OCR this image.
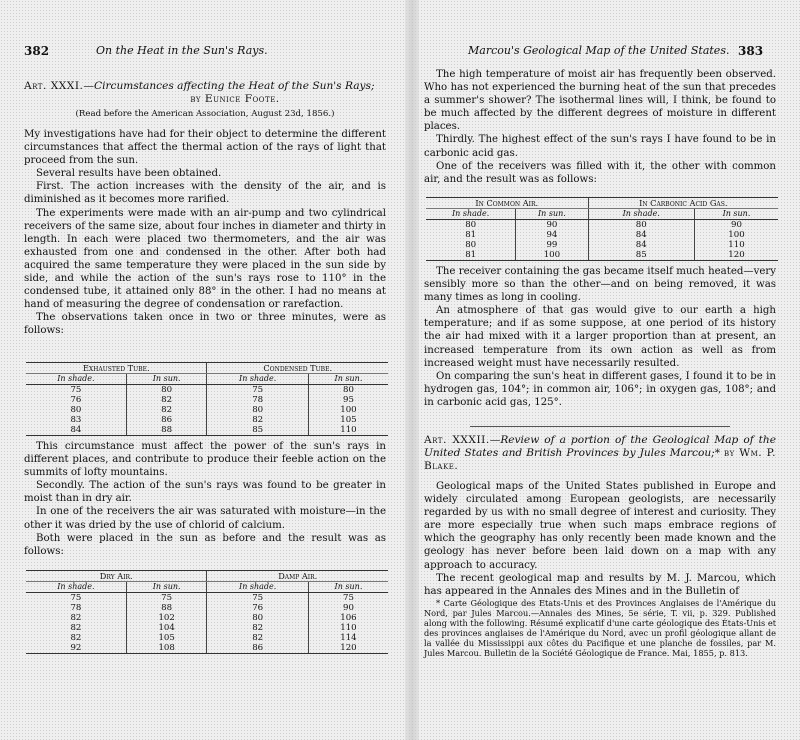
382	On the Heat in the Sun's Rays.
Art. XXXI.—Circumstances affecting the Heat of the Sun's Rays;
by Eunice Foote.
(Read before the American Association, August 23d, 1856.)

My investigations have had for their object to determine the different circumstances that affect the thermal action of the rays of light that proceed from the sun.

Several results have been obtained.

First. The action increases with the density of the air, and is diminished as it becomes more rarified.

The experiments were made with an air-pump and two cylindrical receivers of the same size, about four inches in diameter and thirty in length. In each were placed two thermometers, and the air was exhausted from one and condensed in the other. After both had acquired the same temperature they were placed in the sun side by side, and while the action of the sun's rays rose to 110° in the condensed tube, it attained only 88° in the other. I had no means at hand of measuring the degree of condensation or rarefaction.

The observations taken once in two or three minutes, were as follows:

Exhausted Tube.		Condensed Tube.	
In shade.	In sun.	In shade.	In sun.
75	80	75	80
76	82	78	95
80	82	80	100
83	86	82	105
84	88	85	110

This circumstance must affect the power of the sun's rays in different places, and contribute to produce their feeble action on the summits of lofty mountains.

Secondly. The action of the sun's rays was found to be greater in moist than in dry air.

In one of the receivers the air was saturated with moisture—in the other it was dried by the use of chlorid of calcium.

Both were placed in the sun as before and the result was as follows:

Dry Air.		Damp Air.	
In shade.	In sun.	In shade.	In sun.
75	75	75	75
78	88	76	90
82	102	80	106
82	104	82	110
82	105	82	114
92	108	86	120
Marcou's Geological Map of the United States. 383

The high temperature of moist air has frequently been observed. Who has not experienced the burning heat of the sun that precedes a summer's shower? The isothermal lines will, I think, be found to be much affected by the different degrees of moisture in different places.

Thirdly. The highest effect of the sun's rays I have found to be in carbonic acid gas.

One of the receivers was filled with it, the other with common air, and the result was as follows:

In Common Air.		In Carbonic Acid Gas.	
In shade.	In sun.	In shade.	In sun.
80	90	80	90
81	94	84	100
80	99	84	110
81	100	85	120

The receiver containing the gas became itself much heated—very sensibly more so than the other—and on being removed, it was many times as long in cooling.

An atmosphere of that gas would give to our earth a high temperature; and if as some suppose, at one period of its history the air had mixed with it a larger proportion than at present, an increased temperature from its own action as well as from increased weight must have necessarily resulted.

On comparing the sun's heat in different gases, I found it to be in hydrogen gas, 104°; in common air, 106°; in oxygen gas, 108°; and in carbonic acid gas, 125°.

Art. XXXII.—Review of a portion of the Geological Map of the United States and British Provinces by Jules Marcou;* by Wm. P. Blake.

Geological maps of the United States published in Europe and widely circulated among European geologists, are necessarily regarded by us with no small degree of interest and curiosity. They are more especially true when such maps embrace regions of which the geography has only recently been made known and the geology has never before been laid down on a map with any approach to accuracy.

The recent geological map and results by M. J. Marcou, which has appeared in the Annales des Mines and in the Bulletin of

* Carte Géologique des Etats-Unis et des Provinces Anglaises de l'Amérique du Nord, par Jules Marcou.—Annales des Mines, 5e série, T. vii, p. 329. Published along with the following. Résumé explicatif d'une carte géologique des États-Unis et des provinces anglaises de l'Amérique du Nord, avec un profil géologique allant de la vallée du Mississippi aux côtes du Pacifique et une planche de fossiles, par M. Jules Marcou. Bulletin de la Société Géologique de France. Mai, 1855, p. 813.
